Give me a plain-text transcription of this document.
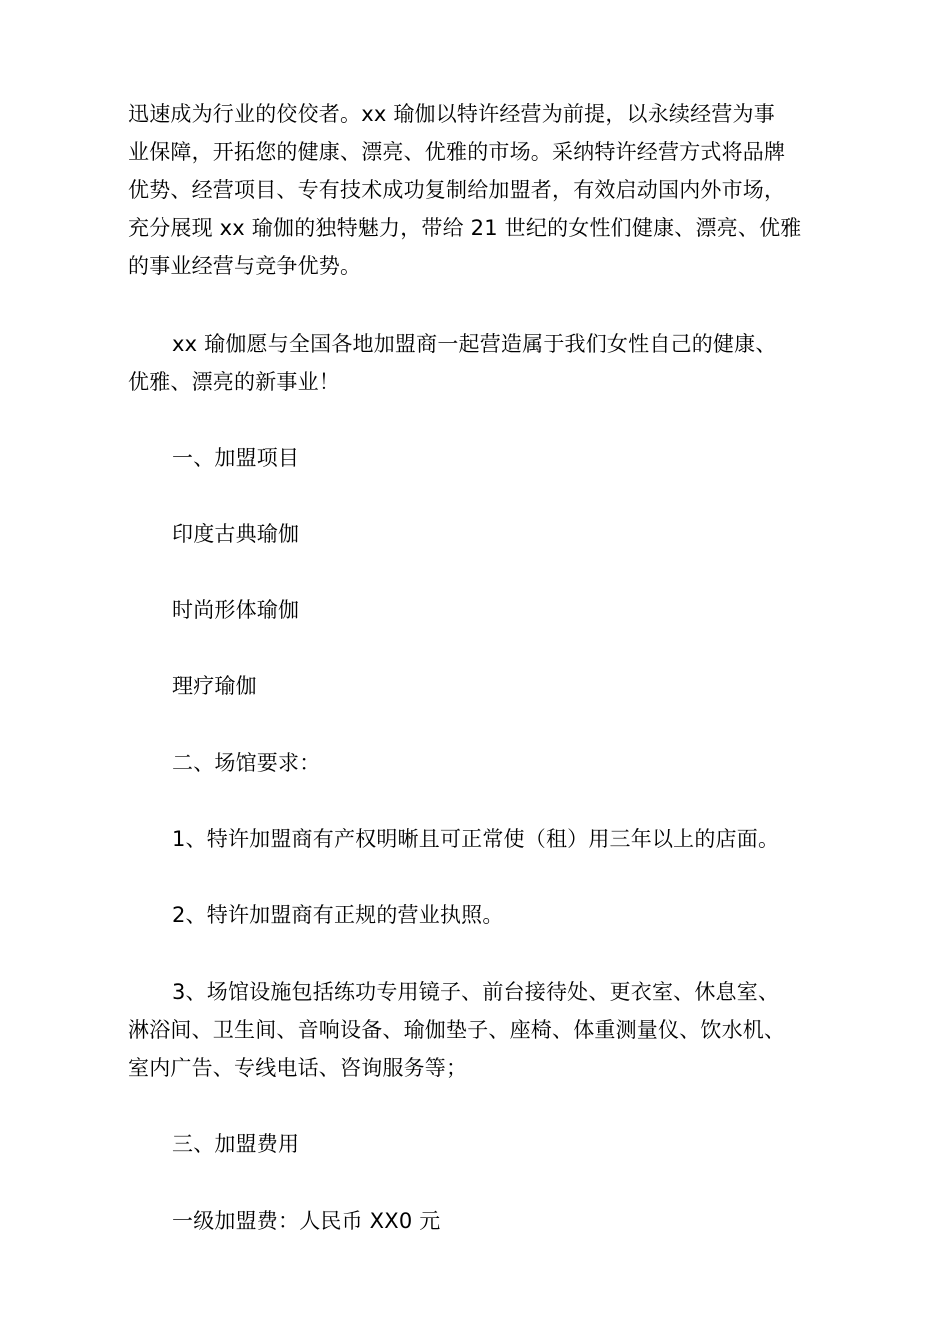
迅速成为行业的佼佼者。xx 瑜伽以特许经营为前提，以永续经营为事
业保障，开拓您的健康、漂亮、优雅的市场。采纳特许经营方式将品牌
优势、经营项目、专有技术成功复制给加盟者，有效启动国内外市场，
充分展现 xx 瑜伽的独特魅力，带给 21 世纪的女性们健康、漂亮、优雅
的事业经营与竞争优势。
xx 瑜伽愿与全国各地加盟商一起营造属于我们女性自己的健康、
优雅、漂亮的新事业！
一、加盟项目
印度古典瑜伽
时尚形体瑜伽
理疗瑜伽
二、场馆要求：
1、特许加盟商有产权明晰且可正常使（租）用三年以上的店面。
2、特许加盟商有正规的营业执照。
3、场馆设施包括练功专用镜子、前台接待处、更衣室、休息室、
淋浴间、卫生间、音响设备、瑜伽垫子、座椅、体重测量仪、饮水机、
室内广告、专线电话、咨询服务等；
三、加盟费用
一级加盟费：人民币 XX0 元
